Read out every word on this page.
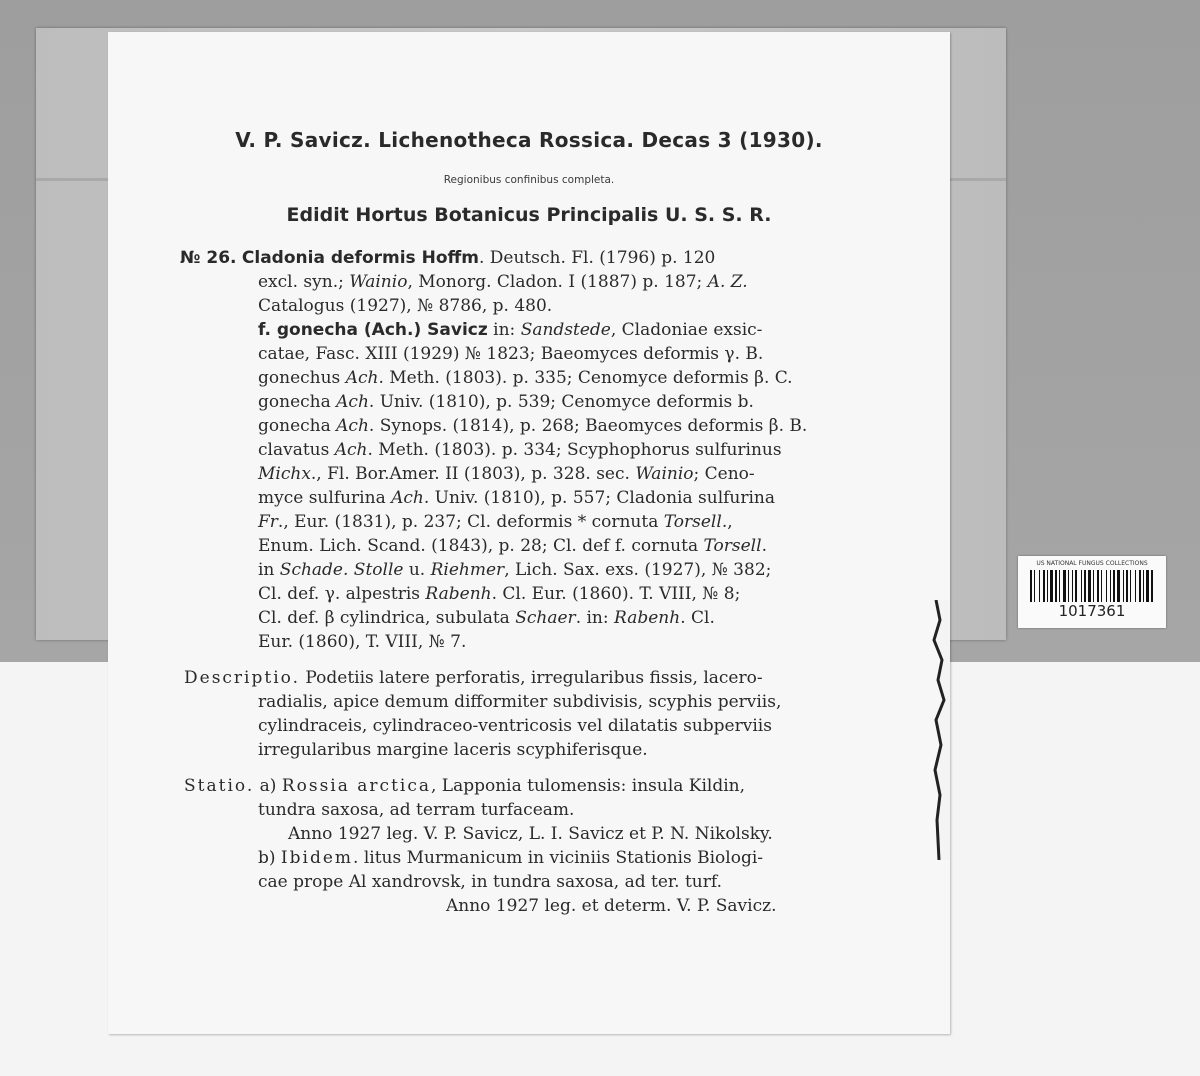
V. P. Savicz. Lichenotheca Rossica. Decas 3 (1930).
Regionibus confinibus completa.
Edidit Hortus Botanicus Principalis U. S. S. R.
№ 26. Cladonia deformis Hoffm. Deutsch. Fl. (1796) p. 120
excl. syn.; Wainio, Monorg. Cladon. I (1887) p. 187; A. Z.
Catalogus (1927), № 8786, p. 480.
f. gonecha (Ach.) Savicz in: Sandstede, Cladoniae exsic-
catae, Fasc. XIII (1929) № 1823; Baeomyces deformis γ. B.
gonechus Ach. Meth. (1803). p. 335; Cenomyce deformis β. C.
gonecha Ach. Univ. (1810), p. 539; Cenomyce deformis b.
gonecha Ach. Synops. (1814), p. 268; Baeomyces deformis β. B.
clavatus Ach. Meth. (1803). p. 334; Scyphophorus sulfurinus
Michx., Fl. Bor.Amer. II (1803), p. 328. sec. Wainio; Ceno-
myce sulfurina Ach. Univ. (1810), p. 557; Cladonia sulfurina
Fr., Eur. (1831), p. 237; Cl. deformis * cornuta Torsell.,
Enum. Lich. Scand. (1843), p. 28; Cl. def f. cornuta Torsell.
in Schade. Stolle u. Riehmer, Lich. Sax. exs. (1927), № 382;
Cl. def. γ. alpestris Rabenh. Cl. Eur. (1860). T. VIII, № 8;
Cl. def. β cylindrica, subulata Schaer. in: Rabenh. Cl.
Eur. (1860), T. VIII, № 7.
Descriptio. Podetiis latere perforatis, irregularibus fissis, lacero-
radialis, apice demum difformiter subdivisis, scyphis perviis,
cylindraceis, cylindraceo-ventricosis vel dilatatis subperviis
irregularibus margine laceris scyphiferisque.
Statio. a) Rossia arctica, Lapponia tulomensis: insula Kildin,
tundra saxosa, ad terram turfaceam.
Anno 1927 leg. V. P. Savicz, L. I. Savicz et P. N. Nikolsky.
b) Ibidem. litus Murmanicum in viciniis Stationis Biologi-
cae prope Al xandrovsk, in tundra saxosa, ad ter. turf.
Anno 1927 leg. et determ. V. P. Savicz.
US NATIONAL FUNGUS COLLECTIONS
1017361
